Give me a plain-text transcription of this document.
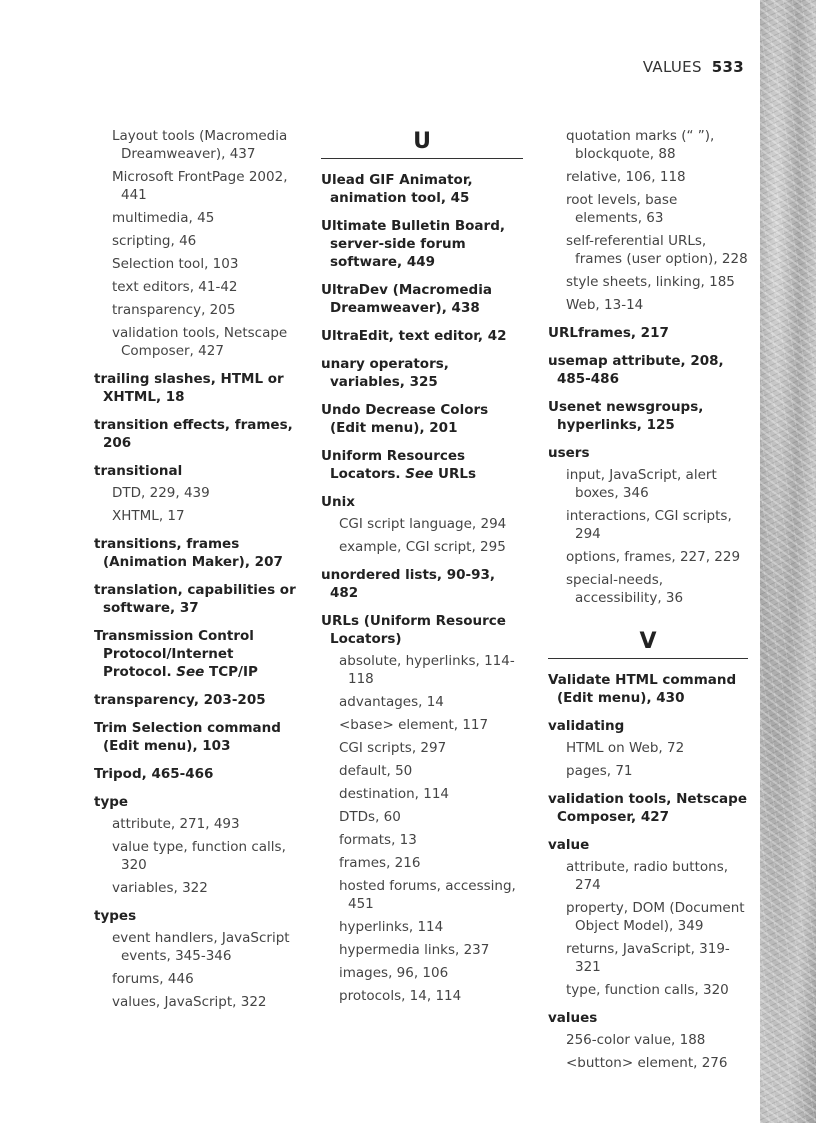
VALUES 533
Layout tools (Macromedia Dreamweaver), 437
Microsoft FrontPage 2002, 441
multimedia, 45
scripting, 46
Selection tool, 103
text editors, 41-42
transparency, 205
validation tools, Netscape Composer, 427
trailing slashes, HTML or XHTML, 18
transition effects, frames, 206
transitional
DTD, 229, 439
XHTML, 17
transitions, frames (Animation Maker), 207
translation, capabilities or software, 37
Transmission Control Protocol/Internet Protocol. See TCP/IP
transparency, 203-205
Trim Selection command (Edit menu), 103
Tripod, 465-466
type
attribute, 271, 493
value type, function calls, 320
variables, 322
types
event handlers, JavaScript events, 345-346
forums, 446
values, JavaScript, 322
U
Ulead GIF Animator, animation tool, 45
Ultimate Bulletin Board, server-side forum software, 449
UltraDev (Macromedia Dreamweaver), 438
UltraEdit, text editor, 42
unary operators, variables, 325
Undo Decrease Colors (Edit menu), 201
Uniform Resources Locators. See URLs
Unix
CGI script language, 294
example, CGI script, 295
unordered lists, 90-93, 482
URLs (Uniform Resource Locators)
absolute, hyperlinks, 114-118
advantages, 14
<base> element, 117
CGI scripts, 297
default, 50
destination, 114
DTDs, 60
formats, 13
frames, 216
hosted forums, accessing, 451
hyperlinks, 114
hypermedia links, 237
images, 96, 106
protocols, 14, 114
quotation marks (“ ”), blockquote, 88
relative, 106, 118
root levels, base elements, 63
self-referential URLs, frames (user option), 228
style sheets, linking, 185
Web, 13-14
URLframes, 217
usemap attribute, 208, 485-486
Usenet newsgroups, hyperlinks, 125
users
input, JavaScript, alert boxes, 346
interactions, CGI scripts, 294
options, frames, 227, 229
special-needs, accessibility, 36
V
Validate HTML command (Edit menu), 430
validating
HTML on Web, 72
pages, 71
validation tools, Netscape Composer, 427
value
attribute, radio buttons, 274
property, DOM (Document Object Model), 349
returns, JavaScript, 319-321
type, function calls, 320
values
256-color value, 188
<button> element, 276
